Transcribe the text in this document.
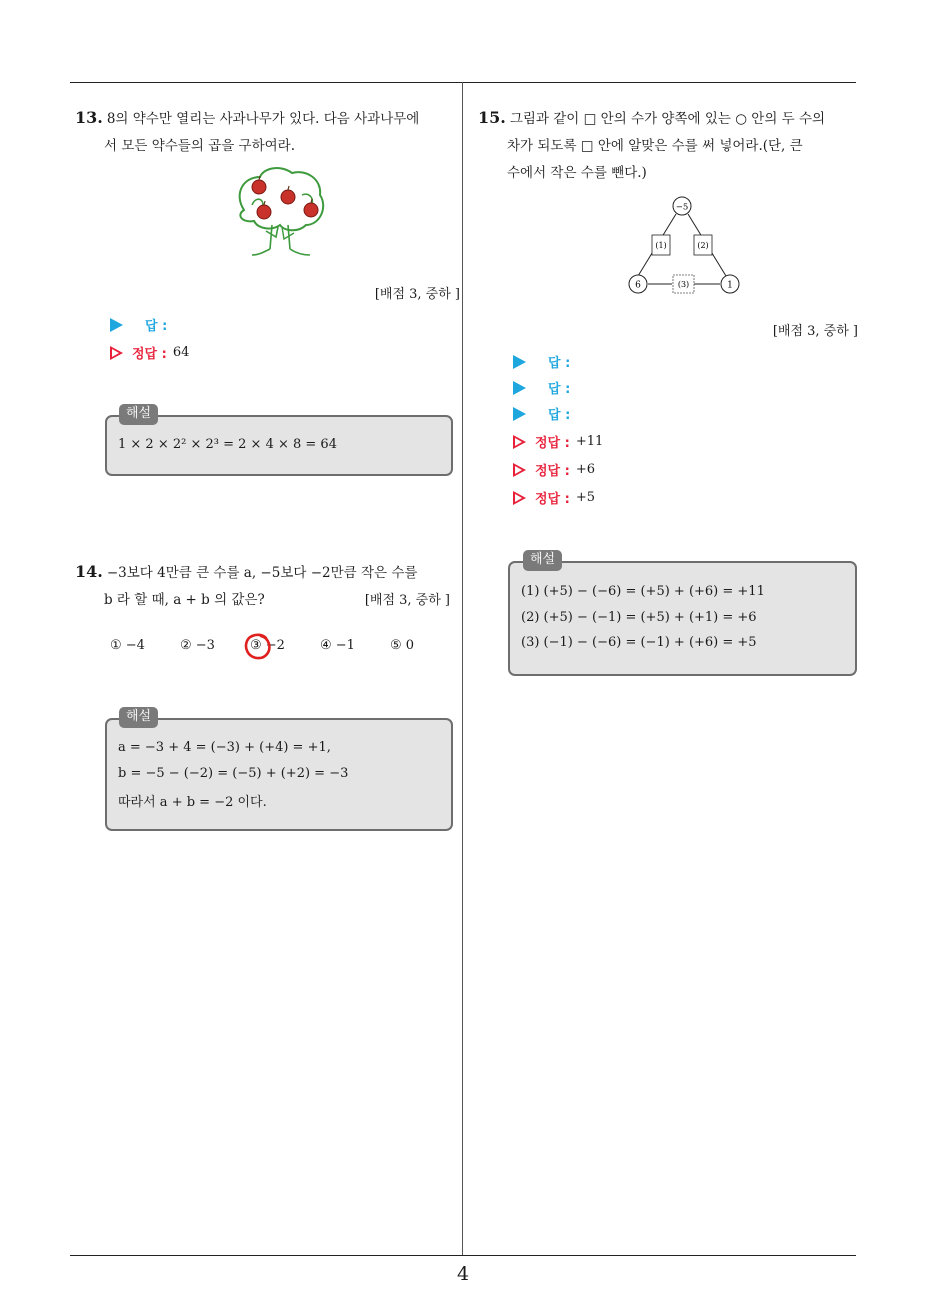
4
13. 8의 약수만 열리는 사과나무가 있다. 다음 사과나무에
서 모든 약수들의 곱을 구하여라.
[배점 3, 중하 ]
답 :
정답 : 64
해설
1 × 2 × 2² × 2³ = 2 × 4 × 8 = 64
14. −3보다 4만큼 큰 수를 a, −5보다 −2만큼 작은 수를
b 라 할 때, a + b 의 값은?	[배점 3, 중하 ]
① −4	② −3	③ −2	④ −1	⑤ 0
해설
a = −3 + 4 = (−3) + (+4) = +1,
b = −5 − (−2) = (−5) + (+2) = −3
따라서 a + b = −2 이다.
15. 그림과 같이 □ 안의 수가 양쪽에 있는 ○ 안의 두 수의
차가 되도록 □ 안에 알맞은 수를 써 넣어라.(단, 큰
수에서 작은 수를 뺀다.)
−5
6	1
(1)	(2)
(3)
[배점 3, 중하 ]
답 :
답 :
답 :
정답 : +11
정답 : +6
정답 : +5
해설
(1) (+5) − (−6) = (+5) + (+6) = +11
(2) (+5) − (−1) = (+5) + (+1) = +6
(3) (−1) − (−6) = (−1) + (+6) = +5
